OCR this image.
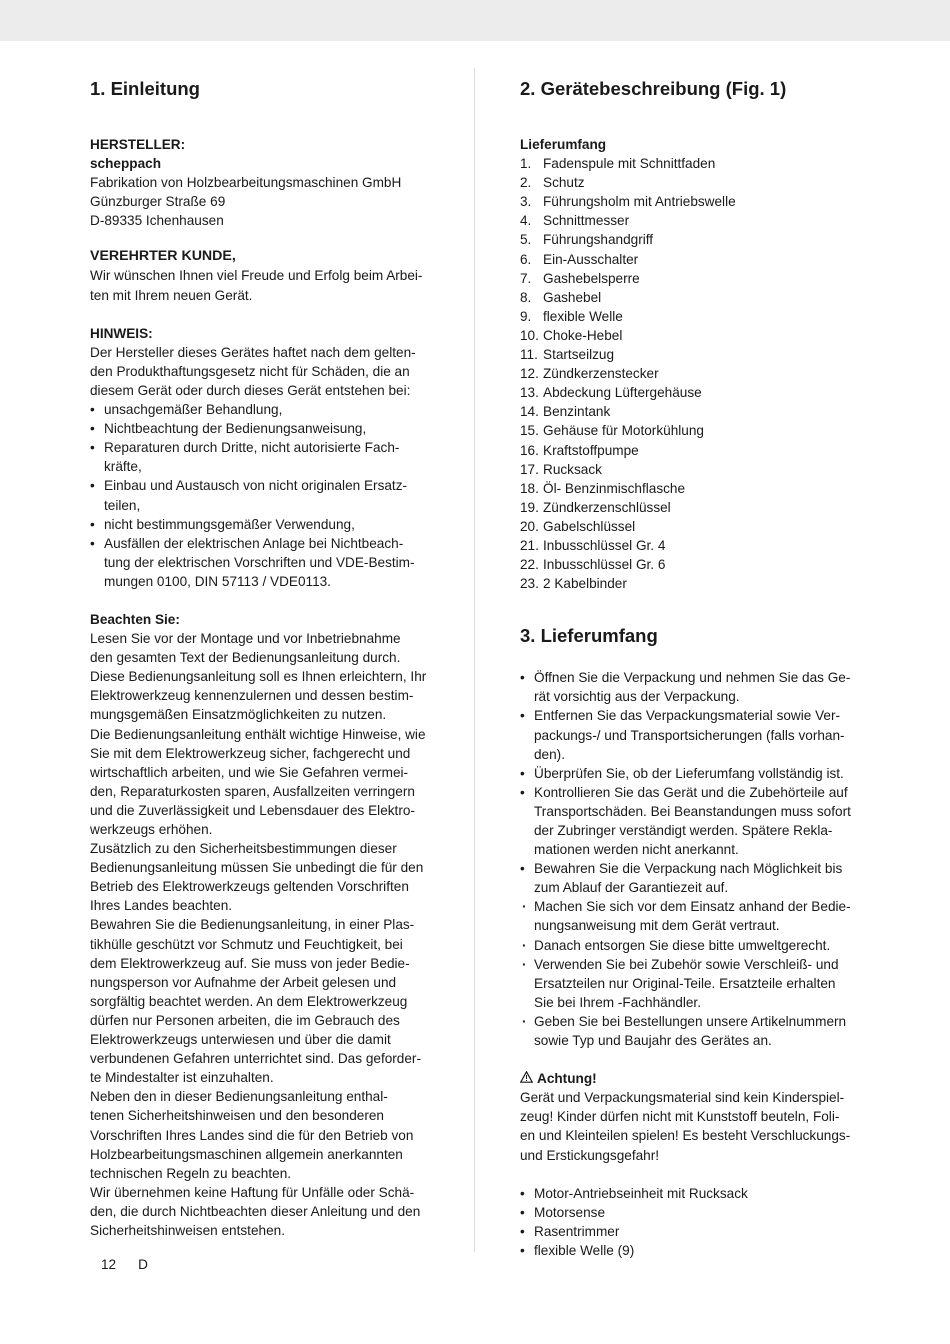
1. Einleitung
HERSTELLER:
scheppach
Fabrikation von Holzbearbeitungsmaschinen GmbH
Günzburger Straße 69
D-89335 Ichenhausen
VEREHRTER KUNDE,
Wir wünschen Ihnen viel Freude und Erfolg beim Arbei-
ten mit Ihrem neuen Gerät.
HINWEIS:
Der Hersteller dieses Gerätes haftet nach dem gelten-
den Produkthaftungsgesetz nicht für Schäden, die an
diesem Gerät oder durch dieses Gerät entstehen bei:
• unsachgemäßer Behandlung,
• Nichtbeachtung der Bedienungsanweisung,
• Reparaturen durch Dritte, nicht autorisierte Fach-
kräfte,
• Einbau und Austausch von nicht originalen Ersatz-
teilen,
• nicht bestimmungsgemäßer Verwendung,
• Ausfällen der elektrischen Anlage bei Nichtbeach-
tung der elektrischen Vorschriften und VDE-Bestim-
mungen 0100, DIN 57113 / VDE0113.
Beachten Sie:
Lesen Sie vor der Montage und vor Inbetriebnahme
den gesamten Text der Bedienungsanleitung durch.
Diese Bedienungsanleitung soll es Ihnen erleichtern, Ihr
Elektrowerkzeug kennenzulernen und dessen bestim-
mungsgemäßen Einsatzmöglichkeiten zu nutzen.
Die Bedienungsanleitung enthält wichtige Hinweise, wie
Sie mit dem Elektrowerkzeug sicher, fachgerecht und
wirtschaftlich arbeiten, und wie Sie Gefahren vermei-
den, Reparaturkosten sparen, Ausfallzeiten verringern
und die Zuverlässigkeit und Lebensdauer des Elektro-
werkzeugs erhöhen.
Zusätzlich zu den Sicherheitsbestimmungen dieser
Bedienungsanleitung müssen Sie unbedingt die für den
Betrieb des Elektrowerkzeugs geltenden Vorschriften
Ihres Landes beachten.
Bewahren Sie die Bedienungsanleitung, in einer Plas-
tikhülle geschützt vor Schmutz und Feuchtigkeit, bei
dem Elektrowerkzeug auf. Sie muss von jeder Bedie-
nungsperson vor Aufnahme der Arbeit gelesen und
sorgfältig beachtet werden. An dem Elektrowerkzeug
dürfen nur Personen arbeiten, die im Gebrauch des
Elektrowerkzeugs unterwiesen und über die damit
verbundenen Gefahren unterrichtet sind. Das geforder-
te Mindestalter ist einzuhalten.
Neben den in dieser Bedienungsanleitung enthal-
tenen Sicherheitshinweisen und den besonderen
Vorschriften Ihres Landes sind die für den Betrieb von
Holzbearbeitungsmaschinen allgemein anerkannten
technischen Regeln zu beachten.
Wir übernehmen keine Haftung für Unfälle oder Schä-
den, die durch Nichtbeachten dieser Anleitung und den
Sicherheitshinweisen entstehen.
2. Gerätebeschreibung (Fig. 1)
Lieferumfang
1. Fadenspule mit Schnittfaden
2. Schutz
3. Führungsholm mit Antriebswelle
4. Schnittmesser
5. Führungshandgriff
6. Ein-Ausschalter
7. Gashebelsperre
8. Gashebel
9. flexible Welle
10. Choke-Hebel
11. Startseilzug
12. Zündkerzenstecker
13. Abdeckung Lüftergehäuse
14. Benzintank
15. Gehäuse für Motorkühlung
16. Kraftstoffpumpe
17. Rucksack
18. Öl- Benzinmischflasche
19. Zündkerzenschlüssel
20. Gabelschlüssel
21. Inbusschlüssel Gr. 4
22. Inbusschlüssel Gr. 6
23. 2 Kabelbinder
3. Lieferumfang
• Öffnen Sie die Verpackung und nehmen Sie das Ge-
rät vorsichtig aus der Verpackung.
• Entfernen Sie das Verpackungsmaterial sowie Ver-
packungs-/ und Transportsicherungen (falls vorhan-
den).
• Überprüfen Sie, ob der Lieferumfang vollständig ist.
• Kontrollieren Sie das Gerät und die Zubehörteile auf
Transportschäden. Bei Beanstandungen muss sofort
der Zubringer verständigt werden. Spätere Rekla-
mationen werden nicht anerkannt.
• Bewahren Sie die Verpackung nach Möglichkeit bis
zum Ablauf der Garantiezeit auf.
· Machen Sie sich vor dem Einsatz anhand der Bedie-
nungsanweisung mit dem Gerät vertraut.
· Danach entsorgen Sie diese bitte umweltgerecht.
· Verwenden Sie bei Zubehör sowie Verschleiß- und
Ersatzteilen nur Original-Teile. Ersatzteile erhalten
Sie bei Ihrem -Fachhändler.
· Geben Sie bei Bestellungen unsere Artikelnummern
sowie Typ und Baujahr des Gerätes an.
Achtung!
Gerät und Verpackungsmaterial sind kein Kinderspiel-
zeug! Kinder dürfen nicht mit Kunststoff beuteln, Foli-
en und Kleinteilen spielen! Es besteht Verschluckungs-
und Erstickungsgefahr!
• Motor-Antriebseinheit mit Rucksack
• Motorsense
• Rasentrimmer
• flexible Welle (9)
12 D
